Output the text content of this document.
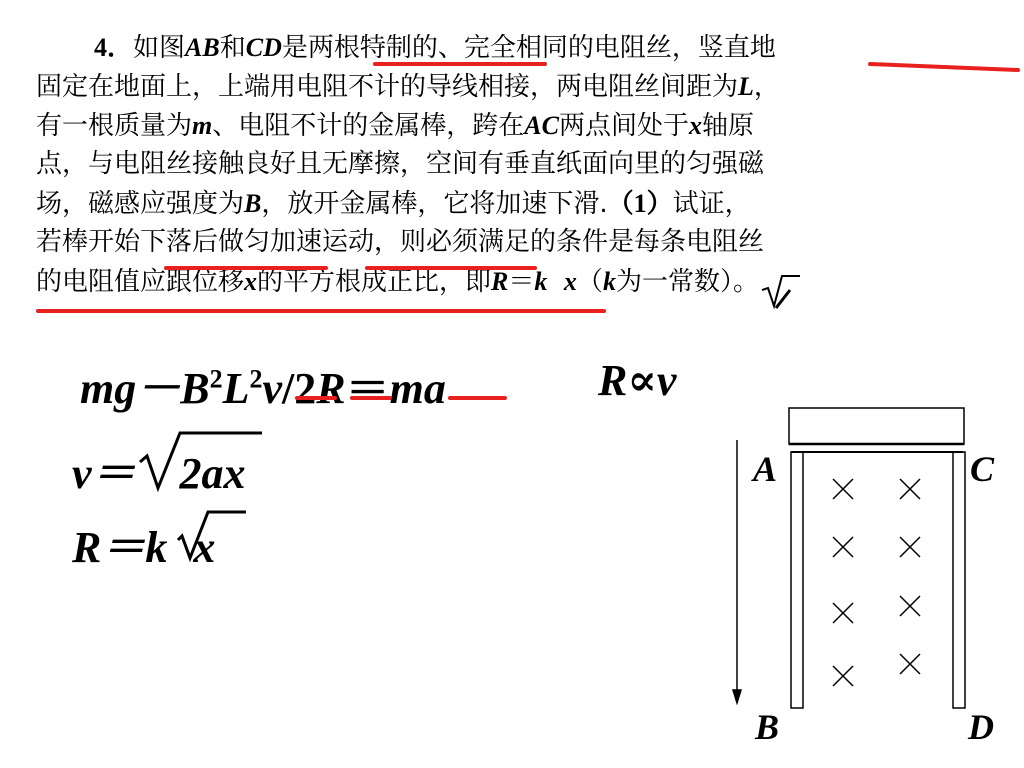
4．如图AB和CD是两根特制的、完全相同的电阻丝，竖直地
固定在地面上，上端用电阻不计的导线相接，两电阻丝间距为L，
有一根质量为m、电阻不计的金属棒，跨在AC两点间处于x轴原
点，与电阻丝接触良好且无摩擦，空间有垂直纸面向里的匀强磁
场，磁感应强度为B，放开金属棒，它将加速下滑.（1）试证，
若棒开始下落后做匀加速运动，则必须满足的条件是每条电阻丝
的电阻值应跟位移x的平方根成正比，即R＝k x（k为一常数）。
$mg-B^2L^2v/2R=ma$	R∝v
v＝ 2ax
R＝k x
A	C
B	D
